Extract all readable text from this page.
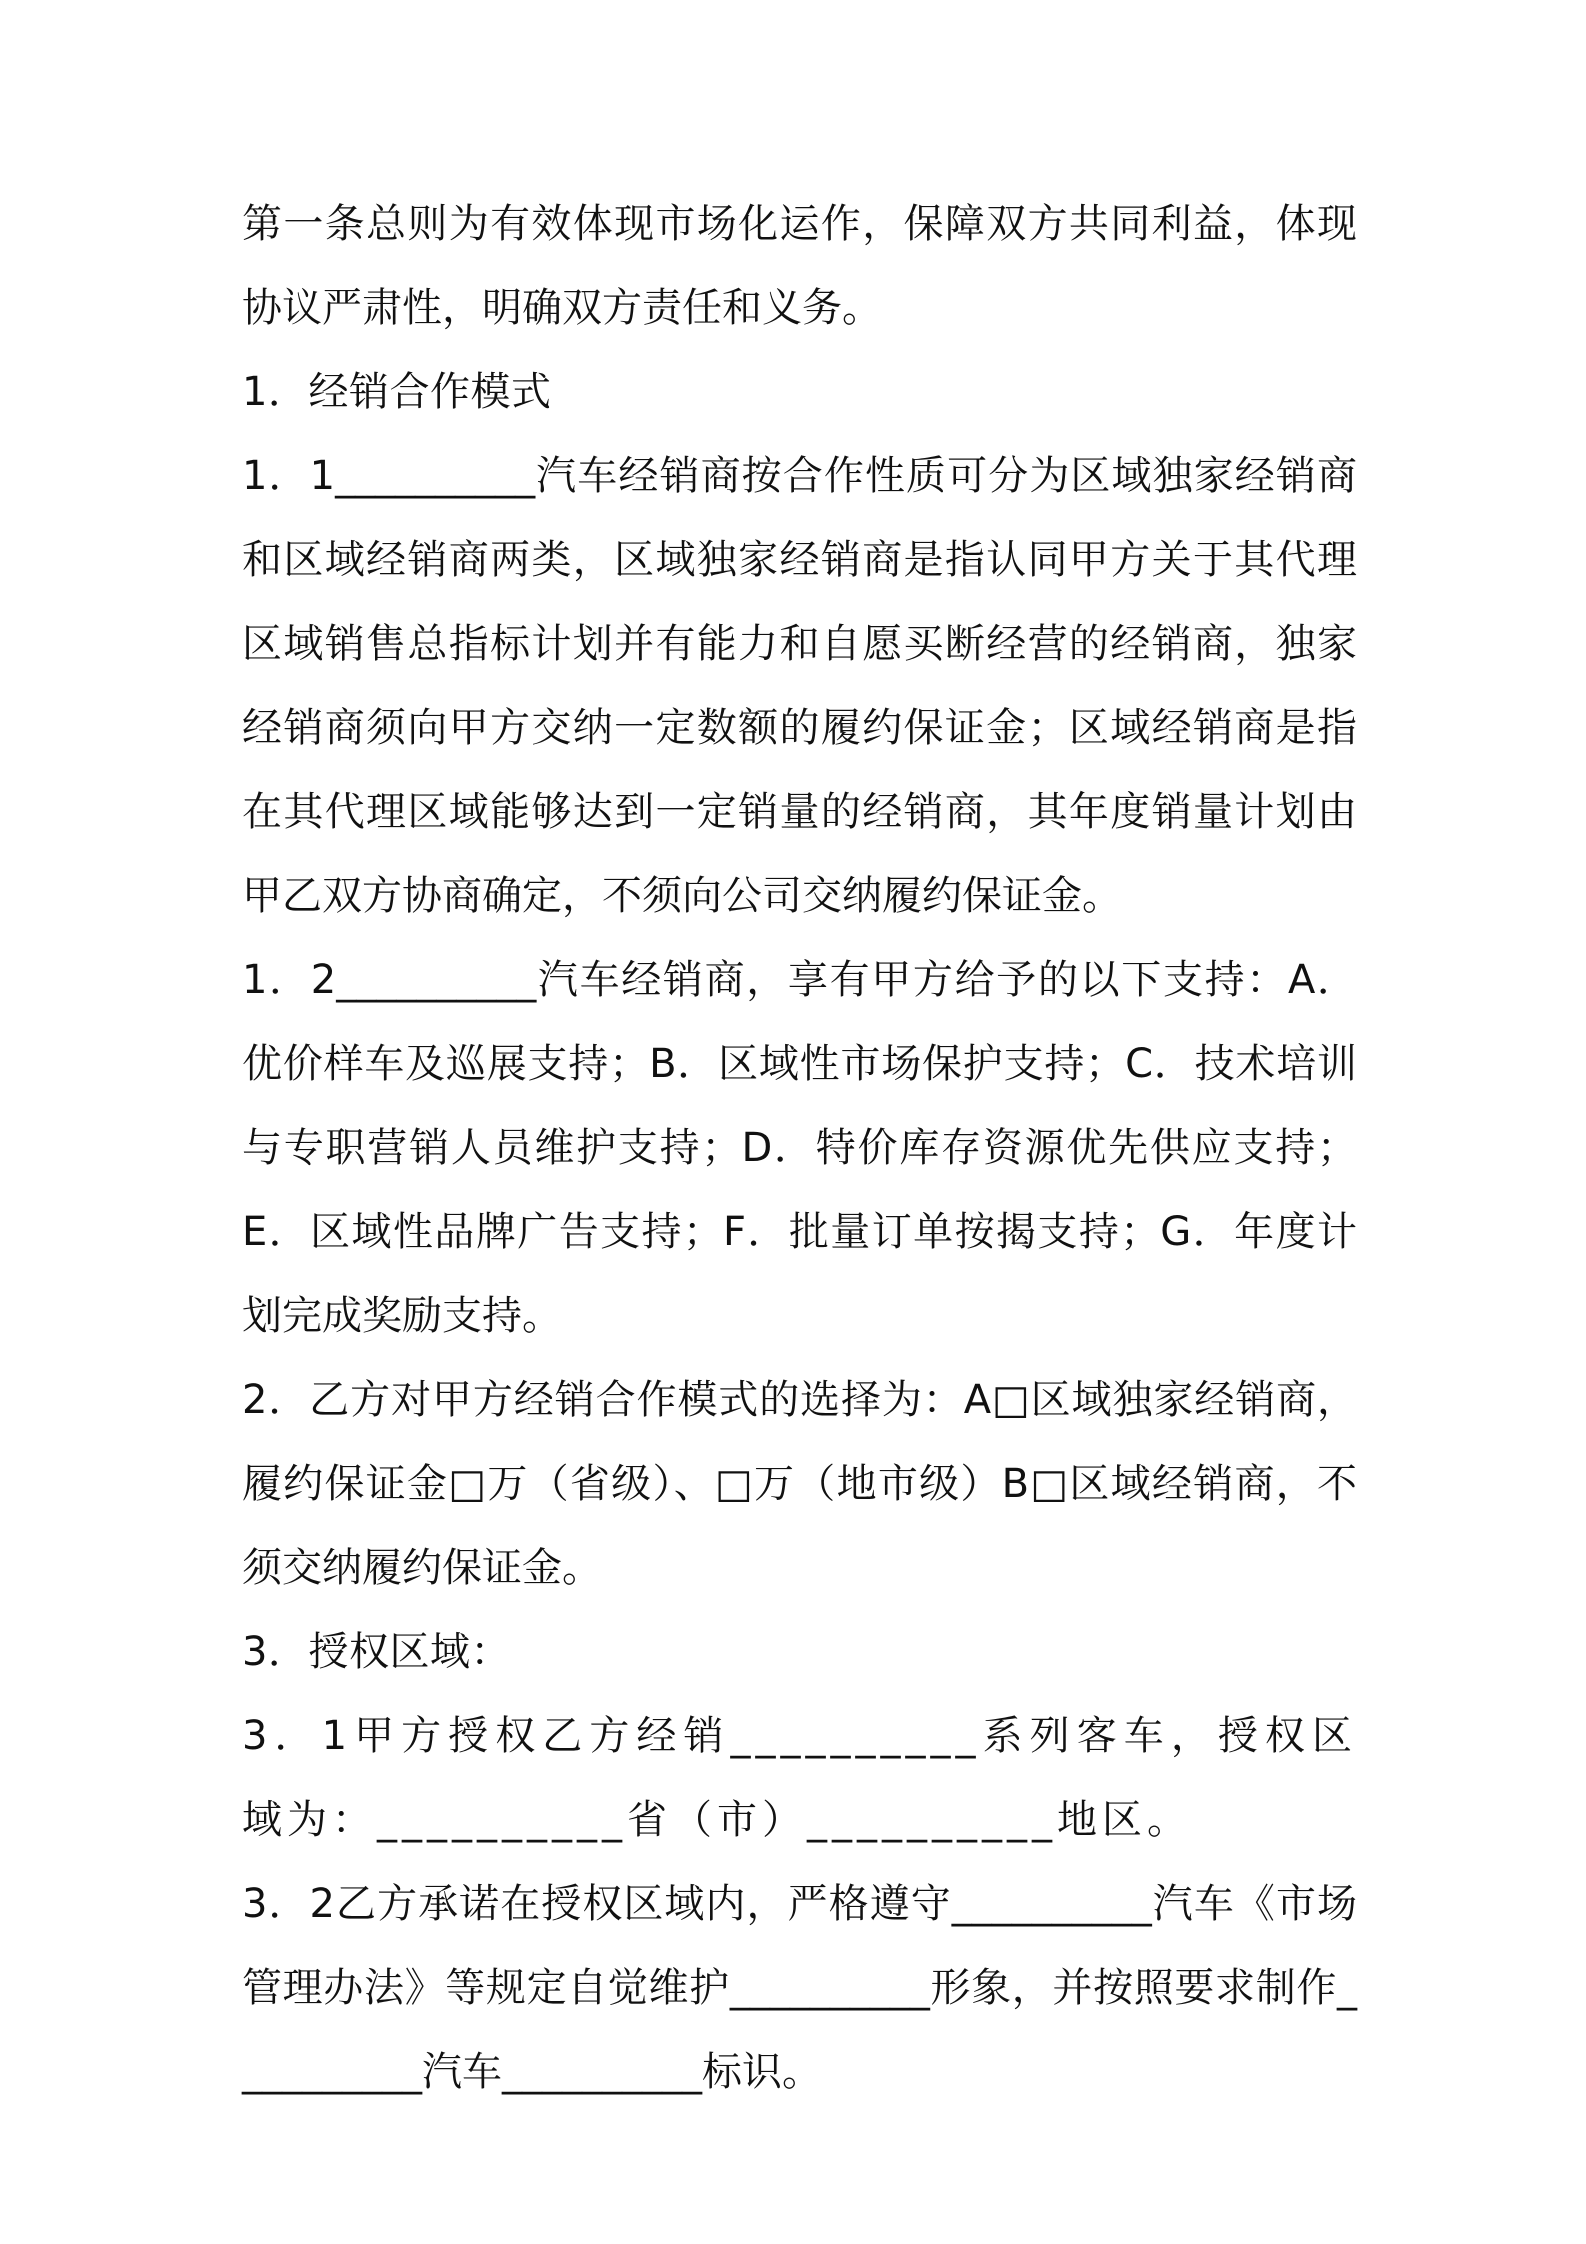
第一条总则为有效体现市场化运作，保障双方共同利益，体现协议严肃性，明确双方责任和义务。

1．经销合作模式

1．1__________汽车经销商按合作性质可分为区域独家经销商和区域经销商两类，区域独家经销商是指认同甲方关于其代理区域销售总指标计划并有能力和自愿买断经营的经销商，独家经销商须向甲方交纳一定数额的履约保证金；区域经销商是指在其代理区域能够达到一定销量的经销商，其年度销量计划由甲乙双方协商确定，不须向公司交纳履约保证金。

1．2__________汽车经销商，享有甲方给予的以下支持：A．优价样车及巡展支持；B．区域性市场保护支持；C．技术培训与专职营销人员维护支持；D．特价库存资源优先供应支持；E．区域性品牌广告支持；F．批量订单按揭支持；G．年度计划完成奖励支持。

2．乙方对甲方经销合作模式的选择为：A□区域独家经销商，履约保证金□万（省级）、□万（地市级）B□区域经销商，不须交纳履约保证金。

3．授权区域：

3．1甲方授权乙方经销__________系列客车，授权区域为：__________省（市）__________地区。

3．2乙方承诺在授权区域内，严格遵守__________汽车《市场管理办法》等规定自觉维护__________形象，并按照要求制作__________汽车__________标识。
